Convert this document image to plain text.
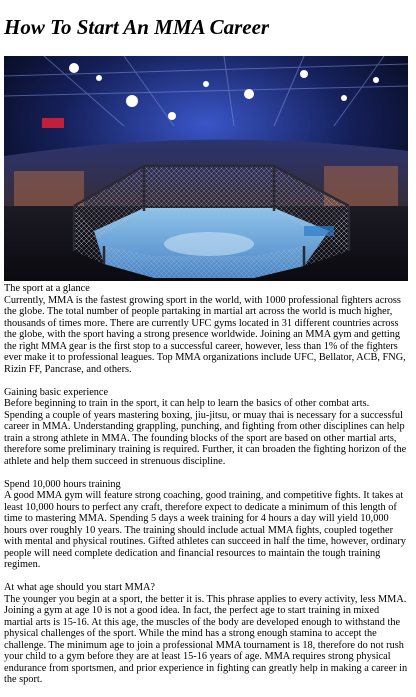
How To Start An MMA Career

The sport at a glance

Currently, MMA is the fastest growing sport in the world, with 1000 professional fighters across the globe. The total number of people partaking in martial art across the world is much higher, thousands of times more. There are currently UFC gyms located in 31 different countries across the globe, with the sport having a strong presence worldwide. Joining an MMA gym and getting the right MMA gear is the first stop to a successful career, however, less than 1% of the fighters ever make it to professional leagues. Top MMA organizations include UFC, Bellator, ACB, FNG, Rizin FF, Pancrase, and others.

Gaining basic experience

Before beginning to train in the sport, it can help to learn the basics of other combat arts. Spending a couple of years mastering boxing, jiu-jitsu, or muay thai is necessary for a successful career in MMA. Understanding grappling, punching, and fighting from other disciplines can help train a strong athlete in MMA. The founding blocks of the sport are based on other martial arts, therefore some preliminary training is required. Further, it can broaden the fighting horizon of the athlete and help them succeed in strenuous discipline.

Spend 10,000 hours training

A good MMA gym will feature strong coaching, good training, and competitive fights. It takes at least 10,000 hours to perfect any craft, therefore expect to dedicate a minimum of this length of time to mastering MMA. Spending 5 days a week training for 4 hours a day will yield 10,000 hours over roughly 10 years. The training should include actual MMA fights, coupled together with mental and physical routines. Gifted athletes can succeed in half the time, however, ordinary people will need complete dedication and financial resources to maintain the tough training regimen.

At what age should you start MMA?

The younger you begin at a sport, the better it is. This phrase applies to every activity, less MMA. Joining a gym at age 10 is not a good idea. In fact, the perfect age to start training in mixed martial arts is 15-16. At this age, the muscles of the body are developed enough to withstand the physical challenges of the sport. While the mind has a strong enough stamina to accept the challenge. The minimum age to join a professional MMA tournament is 18, therefore do not rush your child to a gym before they are at least 15-16 years of age. MMA requires strong physical endurance from sportsmen, and prior experience in fighting can greatly help in making a career in the sport.
